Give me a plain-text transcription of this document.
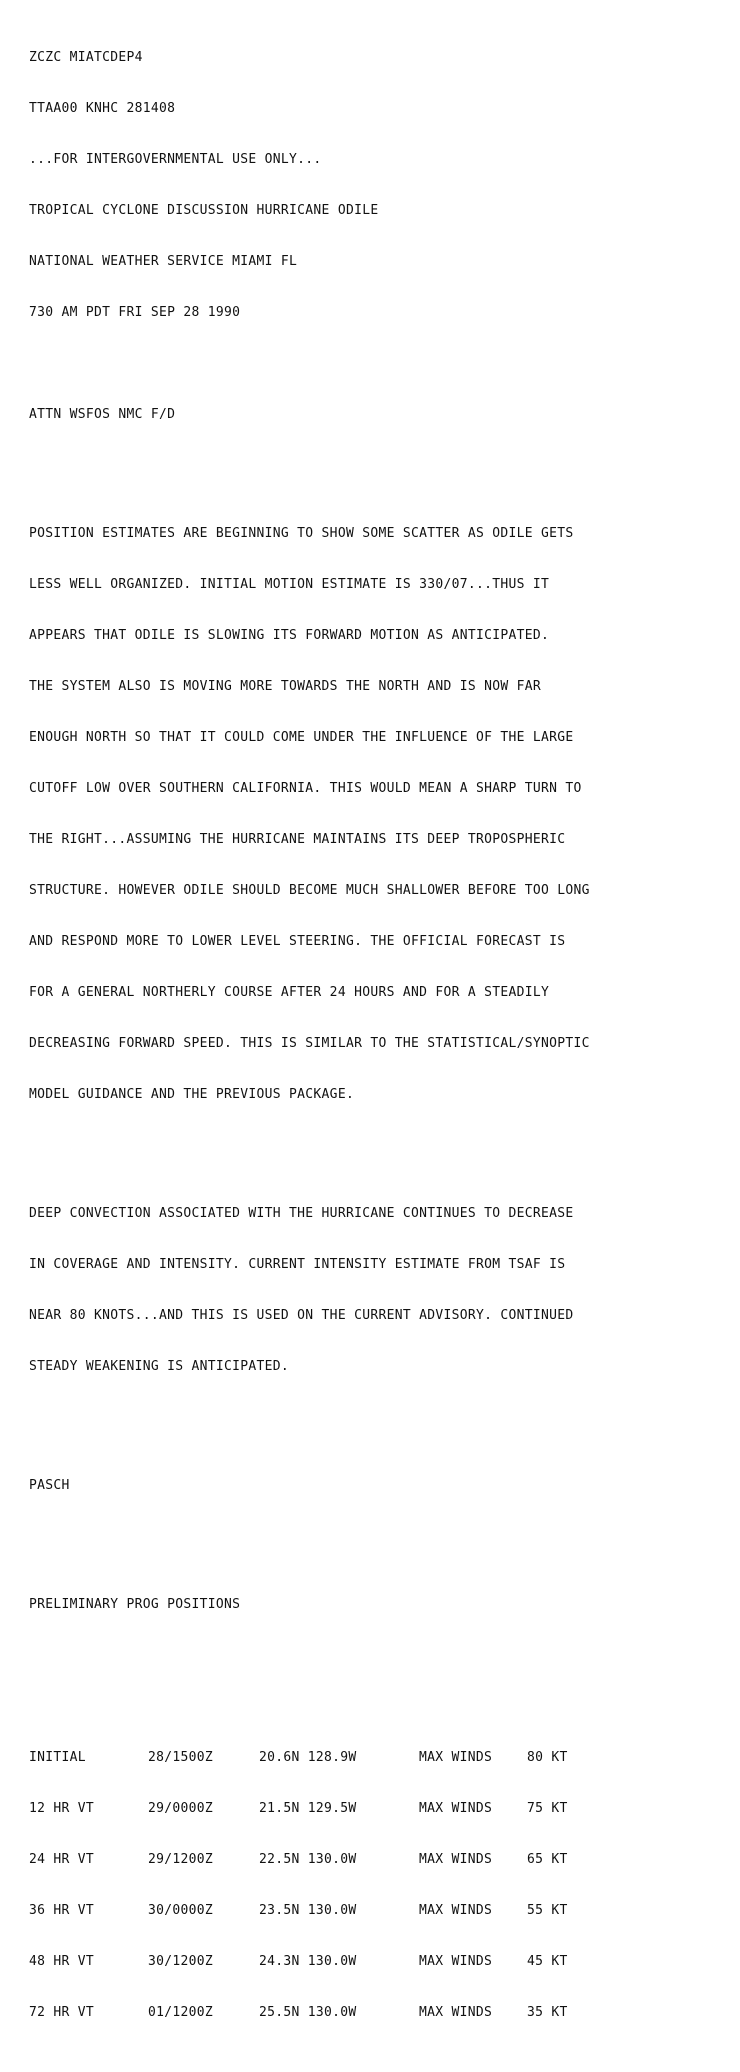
ZCZC MIATCDEP4

TTAA00 KNHC 281408

...FOR INTERGOVERNMENTAL USE ONLY...

TROPICAL CYCLONE DISCUSSION HURRICANE ODILE

NATIONAL WEATHER SERVICE MIAMI FL

730 AM PDT FRI SEP 28 1990

ATTN WSFOS NMC F/D

POSITION ESTIMATES ARE BEGINNING TO SHOW SOME SCATTER AS ODILE GETS

LESS WELL ORGANIZED. INITIAL MOTION ESTIMATE IS 330/07...THUS IT

APPEARS THAT ODILE IS SLOWING ITS FORWARD MOTION AS ANTICIPATED.

THE SYSTEM ALSO IS MOVING MORE TOWARDS THE NORTH AND IS NOW FAR

ENOUGH NORTH SO THAT IT COULD COME UNDER THE INFLUENCE OF THE LARGE

CUTOFF LOW OVER SOUTHERN CALIFORNIA. THIS WOULD MEAN A SHARP TURN TO

THE RIGHT...ASSUMING THE HURRICANE MAINTAINS ITS DEEP TROPOSPHERIC

STRUCTURE. HOWEVER ODILE SHOULD BECOME MUCH SHALLOWER BEFORE TOO LONG

AND RESPOND MORE TO LOWER LEVEL STEERING. THE OFFICIAL FORECAST IS

FOR A GENERAL NORTHERLY COURSE AFTER 24 HOURS AND FOR A STEADILY

DECREASING FORWARD SPEED. THIS IS SIMILAR TO THE STATISTICAL/SYNOPTIC

MODEL GUIDANCE AND THE PREVIOUS PACKAGE.

DEEP CONVECTION ASSOCIATED WITH THE HURRICANE CONTINUES TO DECREASE

IN COVERAGE AND INTENSITY. CURRENT INTENSITY ESTIMATE FROM TSAF IS

NEAR 80 KNOTS...AND THIS IS USED ON THE CURRENT ADVISORY. CONTINUED

STEADY WEAKENING IS ANTICIPATED.

PASCH

PRELIMINARY PROG POSITIONS

INITIAL	28/1500Z	20.6N 128.9W	MAX WINDS	80 KT

12 HR VT	29/0000Z	21.5N 129.5W	MAX WINDS	75 KT

24 HR VT	29/1200Z	22.5N 130.0W	MAX WINDS	65 KT

36 HR VT	30/0000Z	23.5N 130.0W	MAX WINDS	55 KT

48 HR VT	30/1200Z	24.3N 130.0W	MAX WINDS	45 KT

72 HR VT	01/1200Z	25.5N 130.0W	MAX WINDS	35 KT
